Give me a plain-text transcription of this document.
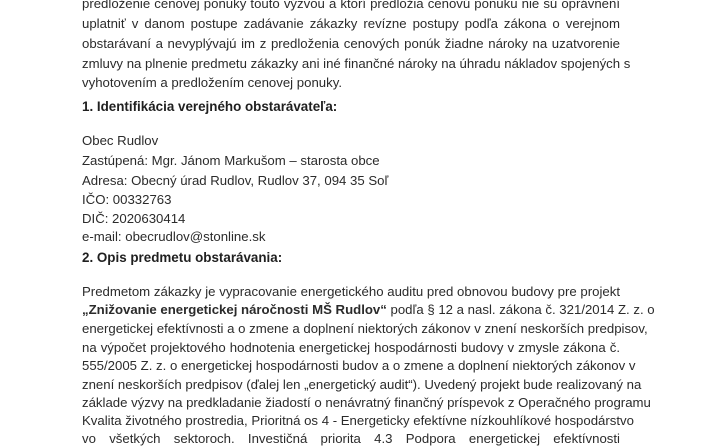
predloženie cenovej ponuky touto výzvou a ktorí predložia cenovú ponuku nie sú oprávnení
uplatniť v danom postupe zadávanie zákazky revízne postupy podľa zákona o verejnom
obstarávaní a nevyplývajú im z predloženia cenových ponúk žiadne nároky na uzatvorenie
zmluvy na plnenie predmetu zákazky ani iné finančné nároky na úhradu nákladov spojených s
vyhotovením a predložením cenovej ponuky.
1. Identifikácia verejného obstarávateľa:
Obec Rudlov
Zastúpená: Mgr. Jánom Markušom – starosta obce
Adresa: Obecný úrad Rudlov, Rudlov 37, 094 35 Soľ
IČO: 00332763
DIČ: 2020630414
e-mail: obecrudlov@stonline.sk
2. Opis predmetu obstarávania:
Predmetom zákazky je vypracovanie energetického auditu pred obnovou budovy pre projekt
„Znižovanie energetickej náročnosti MŠ Rudlov“ podľa § 12 a nasl. zákona č. 321/2014 Z. z. o
energetickej efektívnosti a o zmene a doplnení niektorých zákonov v znení neskorších predpisov,
na výpočet projektového hodnotenia energetickej hospodárnosti budovy v zmysle zákona č.
555/2005 Z. z. o energetickej hospodárnosti budov a o zmene a doplnení niektorých zákonov v
znení neskorších predpisov (ďalej len „energetický audit“). Uvedený projekt bude realizovaný na
základe výzvy na predkladanie žiadostí o nenávratný finančný príspevok z Operačného programu
Kvalita životného prostredia, Prioritná os 4 - Energeticky efektívne nízkouhlíkové hospodárstvo
vo všetkých sektoroch. Investičná priorita 4.3 Podpora energetickej efektívnosti
